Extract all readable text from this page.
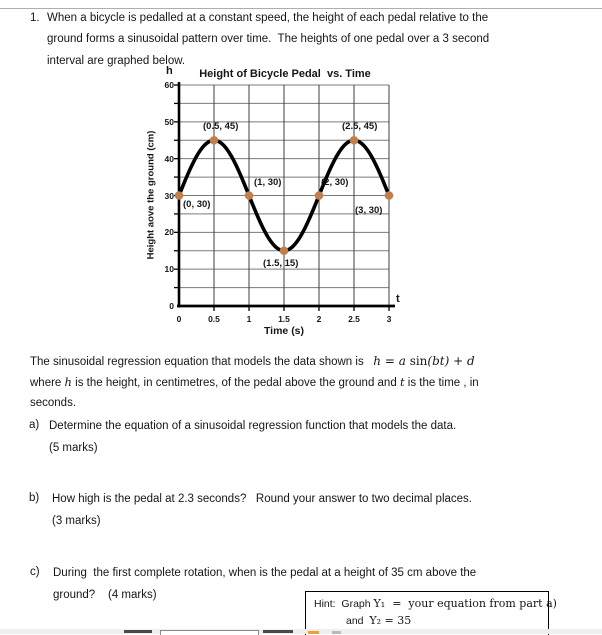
1. When a bicycle is pedalled at a constant speed, the height of each pedal relative to the
ground forms a sinusoidal pattern over time.  The heights of one pedal over a 3 second
interval are graphed below.
Height of Bicycle Pedal  vs. Time
h
t
Height aove the ground (cm)
Time (s)
0
10
20
30
40
50
60
0	0.5	1	1.5	2	2.5	3
(0, 30)
(0.5, 45)
(1, 30)
(1.5, 15)
(2, 30)
(2.5, 45)
(3, 30)
The sinusoidal regression equation that models the data shown is   h = a sin(bt) + d
where h is the height, in centimetres, of the pedal above the ground and t is the time , in
seconds.
a) Determine the equation of a sinusoidal regression function that models the data.
(5 marks)
b) How high is the pedal at 2.3 seconds?   Round your answer to two decimal places.
(3 marks)
c) During  the first complete rotation, when is the pedal at a height of 35 cm above the
ground?    (4 marks)
Hint:  Graph Y₁  =  your equation from part a)
and  Y₂ = 35
